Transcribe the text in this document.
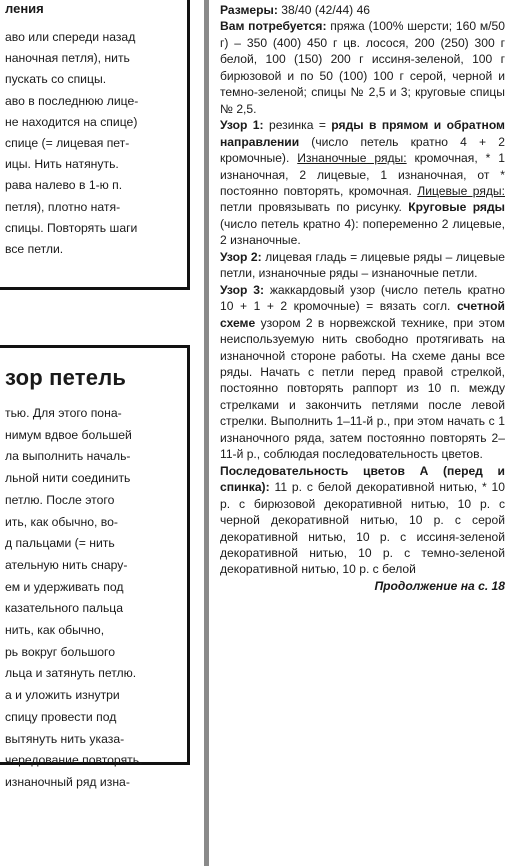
ления
аво или спереди назад
наночная петля), нить
пускать со спицы.
аво в последнюю лице-
не находится на спице)
спице (= лицевая пет-
ицы. Нить натянуть.
рава налево в 1-ю п.
петля), плотно натя-
спицы. Повторять шаги
все петли.
зор петель
тью. Для этого пона-
нимум вдвое большей
ла выполнить началь-
льной нити соединить
петлю. После этого
ить, как обычно, во-
д пальцами (= нить
ательную нить снару-
ем и удерживать под
казательного пальца
нить, как обычно,
рь вокруг большого
льца и затянуть петлю.
а и уложить изнутри
спицу провести под
вытянуть нить указа-
чередование повторять.
изнаночный ряд изна-

Размеры: 38/40 (42/44) 46

Вам потребуется: пряжа (100% шерсти; 160 м/50 г) – 350 (400) 450 г цв. лосося, 200 (250) 300 г белой, 100 (150) 200 г иссиня-зеленой, 100 г бирюзовой и по 50 (100) 100 г серой, черной и темно-зеленой; спицы № 2,5 и 3; круговые спицы № 2,5.

Узор 1: резинка = ряды в прямом и обратном направлении (число петель кратно 4 + 2 кромочные). Изнаночные ряды: кромочная, * 1 изнаночная, 2 лицевые, 1 изнаночная, от * постоянно повторять, кромочная. Лицевые ряды: петли провязывать по рисунку. Круговые ряды (число петель кратно 4): попеременно 2 лицевые, 2 изнаночные.

Узор 2: лицевая гладь = лицевые ряды – лицевые петли, изнаночные ряды – изнаночные петли.

Узор 3: жаккардовый узор (число петель кратно 10 + 1 + 2 кромочные) = вязать согл. счетной схеме узором 2 в норвежской технике, при этом неиспользуемую нить свободно протягивать на изнаночной стороне работы. На схеме даны все ряды. Начать с петли перед правой стрелкой, постоянно повторять раппорт из 10 п. между стрелками и закончить петлями после левой стрелки. Выполнить 1–11-й р., при этом начать с 1 изнаночного ряда, затем постоянно повторять 2–11-й р., соблюдая последовательность цветов.

Последовательность цветов А (перед и спинка): 11 р. с белой декоративной нитью, * 10 р. с бирюзовой декоративной нитью, 10 р. с черной декоративной нитью, 10 р. с серой декоративной нитью, 10 р. с иссиня-зеленой декоративной нитью, 10 р. с темно-зеленой декоративной нитью, 10 р. с белой

Продолжение на с. 18
